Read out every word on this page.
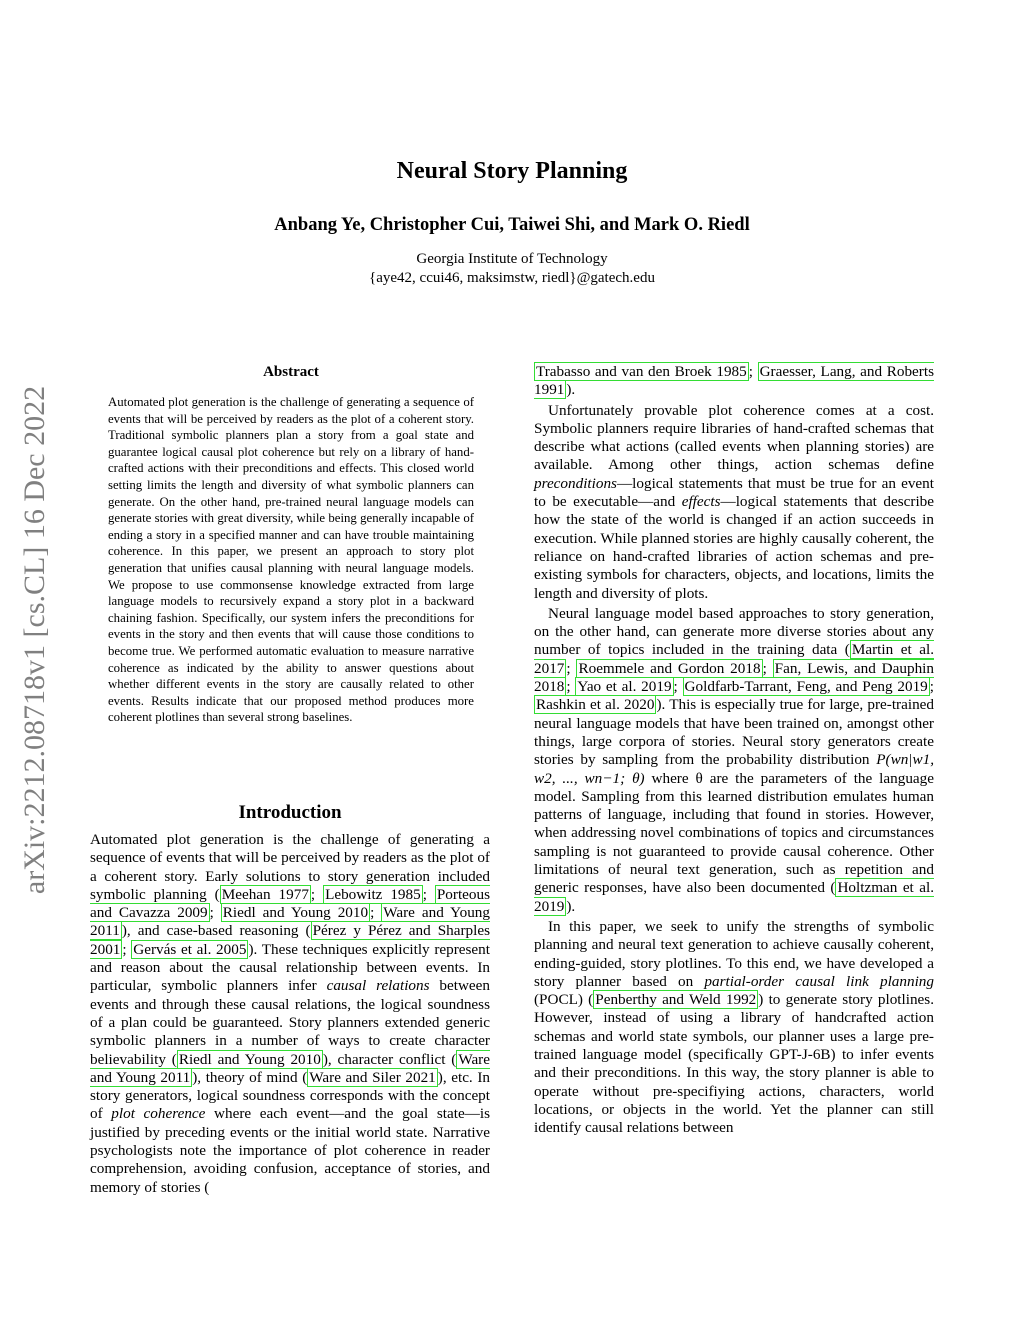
Neural Story Planning
Anbang Ye, Christopher Cui, Taiwei Shi, and Mark O. Riedl
Georgia Institute of Technology
{aye42, ccui46, maksimstw, riedl}@gatech.edu
arXiv:2212.08718v1 [cs.CL] 16 Dec 2022
Abstract
Automated plot generation is the challenge of generating a sequence of events that will be perceived by readers as the plot of a coherent story. Traditional symbolic planners plan a story from a goal state and guarantee logical causal plot coherence but rely on a library of hand-crafted actions with their preconditions and effects. This closed world setting limits the length and diversity of what symbolic planners can generate. On the other hand, pre-trained neural language models can generate stories with great diversity, while being generally incapable of ending a story in a specified manner and can have trouble maintaining coherence. In this paper, we present an approach to story plot generation that unifies causal planning with neural language models. We propose to use commonsense knowledge extracted from large language models to recursively expand a story plot in a backward chaining fashion. Specifically, our system infers the preconditions for events in the story and then events that will cause those conditions to become true. We performed automatic evaluation to measure narrative coherence as indicated by the ability to answer questions about whether different events in the story are causally related to other events. Results indicate that our proposed method produces more coherent plotlines than several strong baselines.
Introduction

Automated plot generation is the challenge of generating a sequence of events that will be perceived by readers as the plot of a coherent story. Early solutions to story generation included symbolic planning ( Meehan 1977 ; Lebowitz 1985 ; Porteous and Cavazza 2009 ; Riedl and Young 2010 ; Ware and Young 2011 ), and case-based reasoning ( Pérez y Pérez and Sharples 2001 ; Gervás et al. 2005 ). These techniques explicitly represent and reason about the causal relationship between events. In particular, symbolic planners infer causal relations between events and through these causal relations, the logical soundness of a plan could be guaranteed. Story planners extended generic symbolic planners in a number of ways to create character believability ( Riedl and Young 2010 ), character conflict ( Ware and Young 2011 ), theory of mind ( Ware and Siler 2021 ), etc. In story generators, logical soundness corresponds with the concept of plot coherence where each event—and the goal state—is justified by preceding events or the initial world state. Narrative psychologists note the importance of plot coherence in reader comprehension, avoiding confusion, acceptance of stories, and memory of stories (

Trabasso and van den Broek 1985 ; Graesser, Lang, and Roberts 1991 ).

Unfortunately provable plot coherence comes at a cost. Symbolic planners require libraries of hand-crafted schemas that describe what actions (called events when planning stories) are available. Among other things, action schemas define preconditions—logical statements that must be true for an event to be executable—and effects—logical statements that describe how the state of the world is changed if an action succeeds in execution. While planned stories are highly causally coherent, the reliance on hand-crafted libraries of action schemas and pre-existing symbols for characters, objects, and locations, limits the length and diversity of plots.

Neural language model based approaches to story generation, on the other hand, can generate more diverse stories about any number of topics included in the training data ( Martin et al. 2017 ; Roemmele and Gordon 2018 ; Fan, Lewis, and Dauphin 2018 ; Yao et al. 2019 ; Goldfarb-Tarrant, Feng, and Peng 2019 ; Rashkin et al. 2020 ). This is especially true for large, pre-trained neural language models that have been trained on, amongst other things, large corpora of stories. Neural story generators create stories by sampling from the probability distribution P(wn|w1, w2, ..., wn−1; θ) where θ are the parameters of the language model. Sampling from this learned distribution emulates human patterns of language, including that found in stories. However, when addressing novel combinations of topics and circumstances sampling is not guaranteed to provide causal coherence. Other limitations of neural text generation, such as repetition and generic responses, have also been documented ( Holtzman et al. 2019 ).

In this paper, we seek to unify the strengths of symbolic planning and neural text generation to achieve causally coherent, ending-guided, story plotlines. To this end, we have developed a story planner based on partial-order causal link planning (POCL) ( Penberthy and Weld 1992 ) to generate story plotlines. However, instead of using a library of handcrafted action schemas and world state symbols, our planner uses a large pre-trained language model (specifically GPT-J-6B) to infer events and their preconditions. In this way, the story planner is able to operate without pre-specifiying actions, characters, world locations, or objects in the world. Yet the planner can still identify causal relations between
